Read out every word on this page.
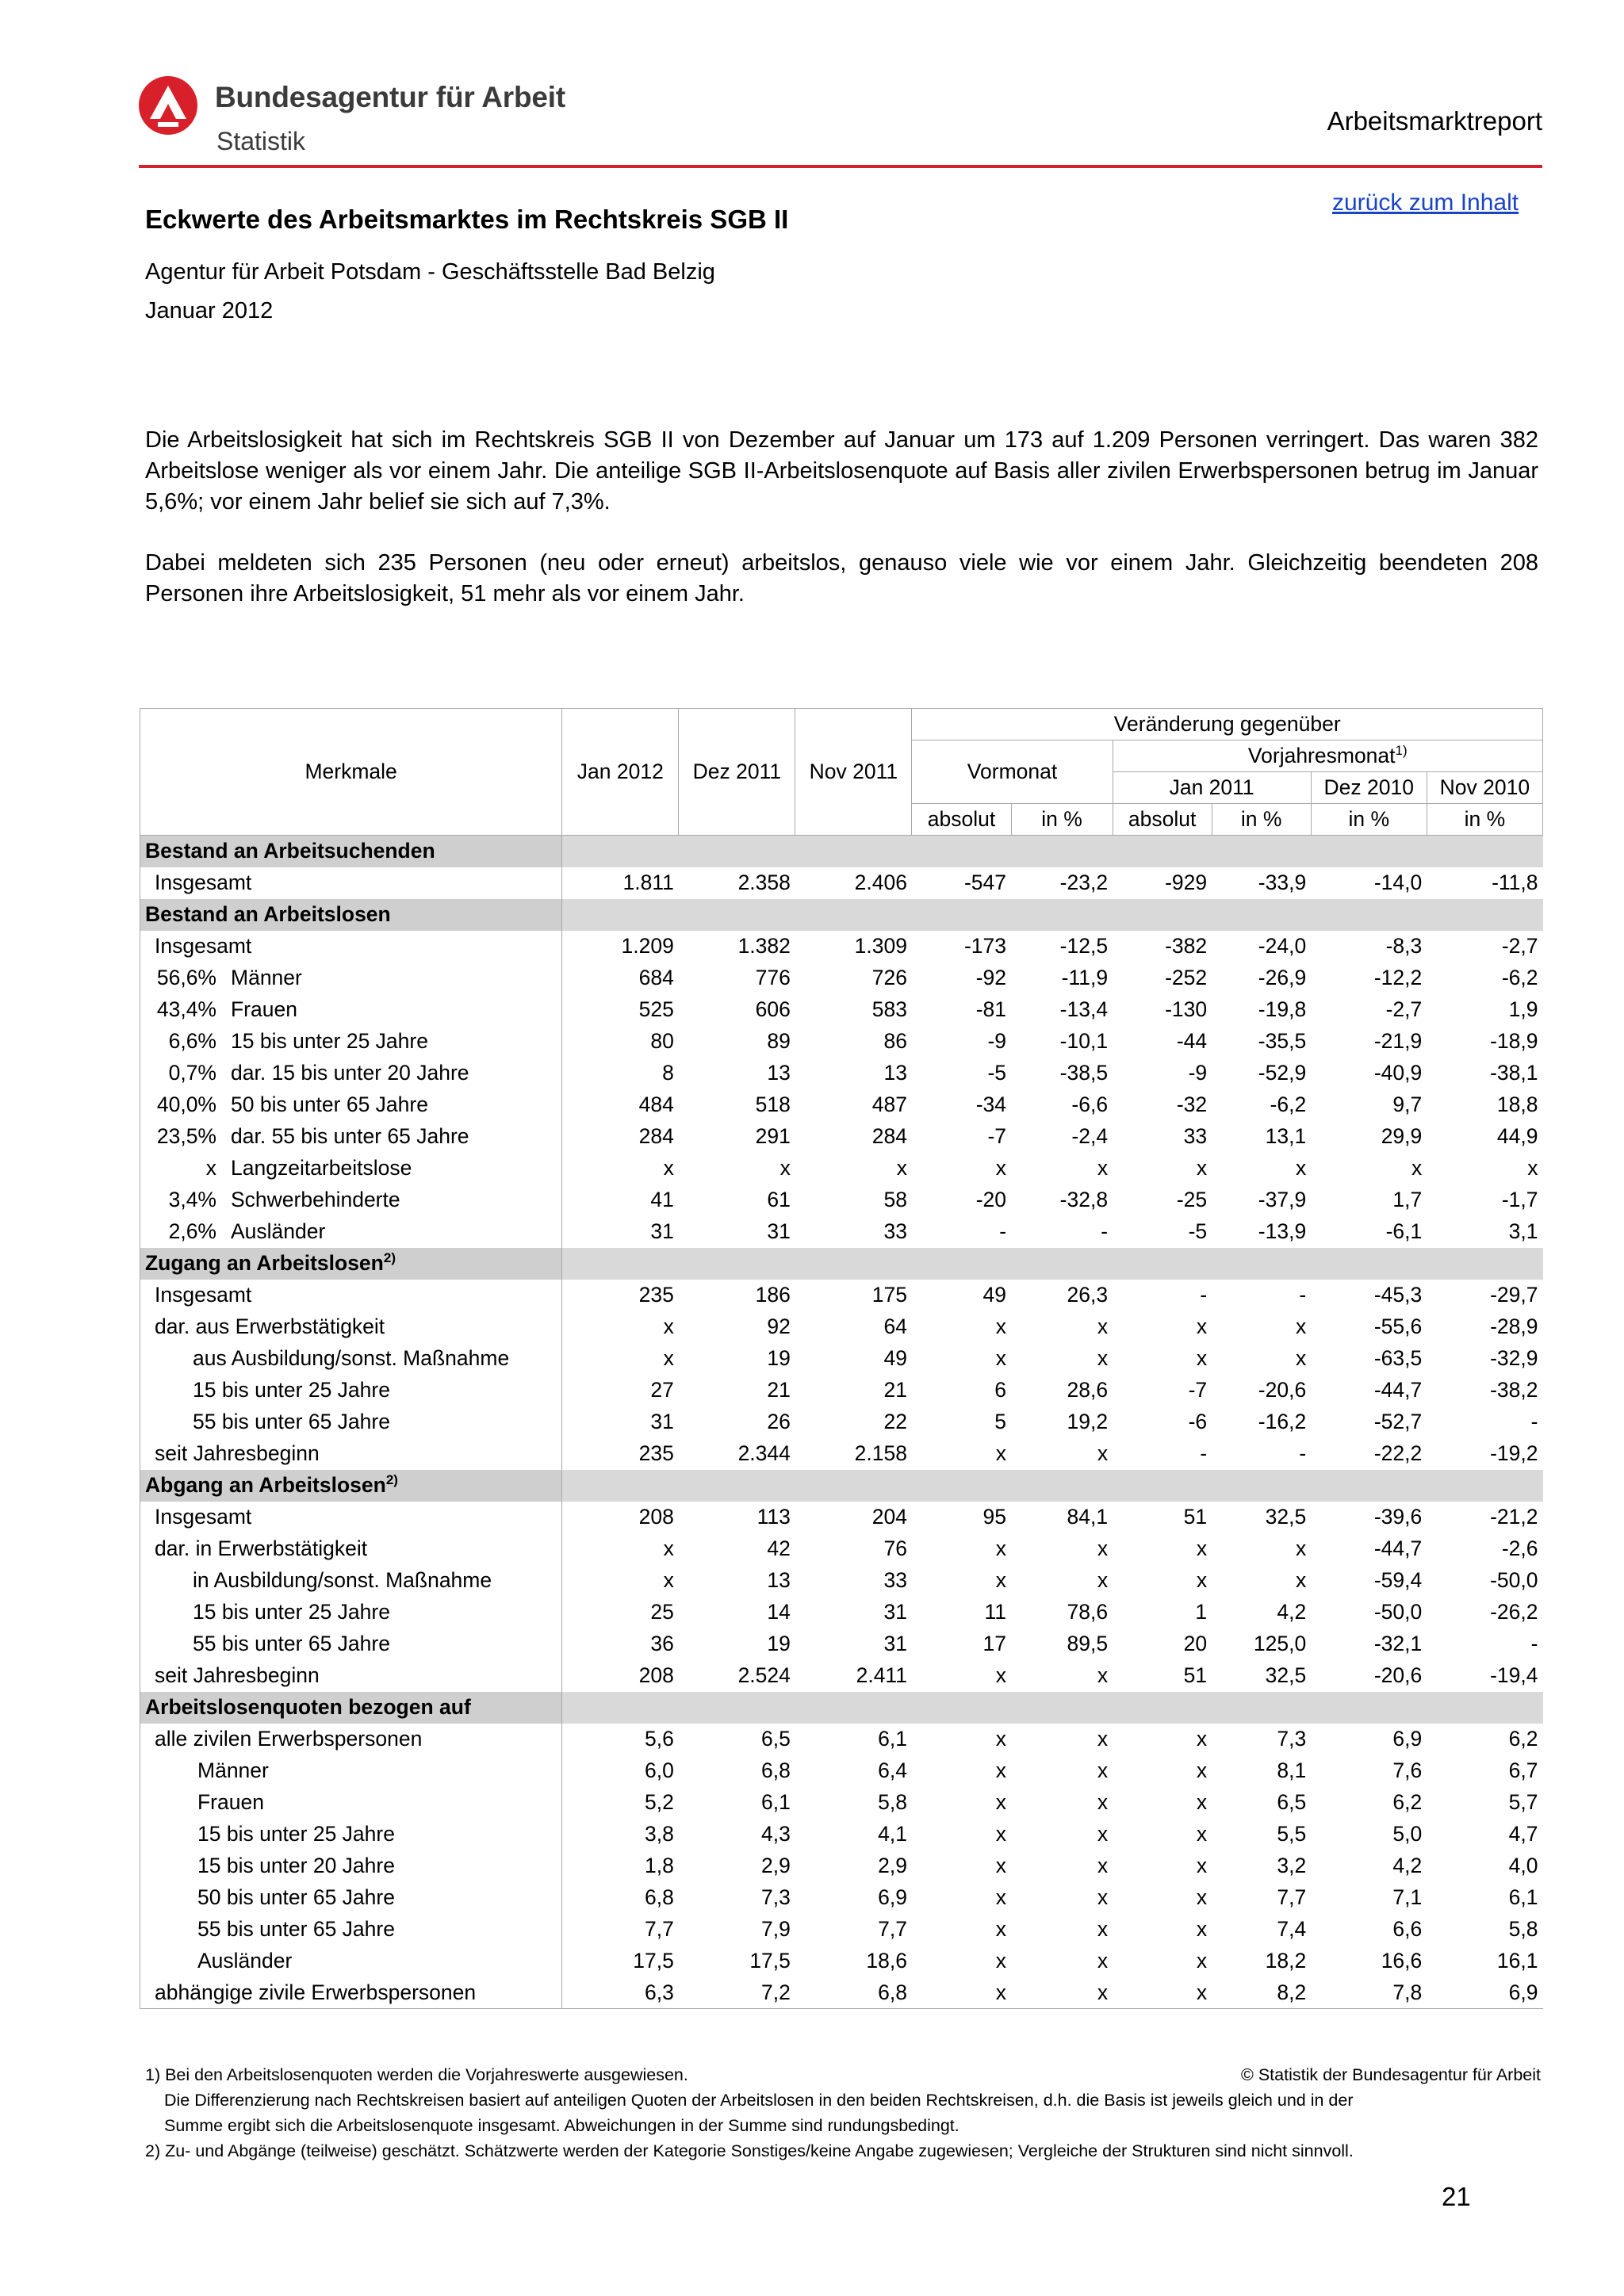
Bundesagentur für Arbeit
Statistik
Arbeitsmarktreport
zurück zum Inhalt
Eckwerte des Arbeitsmarktes im Rechtskreis SGB II
Agentur für Arbeit Potsdam - Geschäftsstelle Bad Belzig
Januar 2012

Die Arbeitslosigkeit hat sich im Rechtskreis SGB II von Dezember auf Januar um 173 auf 1.209 Personen verringert. Das waren 382 Arbeitslose weniger als vor einem Jahr. Die anteilige SGB II-Arbeitslosenquote auf Basis aller zivilen Erwerbspersonen betrug im Januar 5,6%; vor einem Jahr belief sie sich auf 7,3%.

Dabei meldeten sich 235 Personen (neu oder erneut) arbeitslos, genauso viele wie vor einem Jahr. Gleichzeitig beendeten 208 Personen ihre Arbeitslosigkeit, 51 mehr als vor einem Jahr.

Merkmale	Jan 2012	Dez 2011	Nov 2011	Veränderung gegenüber					
				Vormonat		Vorjahresmonat$^{1)}$
						Jan 2011		Dez 2010	Nov 2010
				absolut	in %	absolut	in %	in %	in %
Bestand an Arbeitsuchenden									
Insgesamt	1.811	2.358	2.406	-547	-23,2	-929	-33,9	-14,0	-11,8
Bestand an Arbeitslosen									
Insgesamt	1.209	1.382	1.309	-173	-12,5	-382	-24,0	-8,3	-2,7
56,6% Männer	684	776	726	-92	-11,9	-252	-26,9	-12,2	-6,2
43,4% Frauen	525	606	583	-81	-13,4	-130	-19,8	-2,7	1,9
6,6% 15 bis unter 25 Jahre	80	89	86	-9	-10,1	-44	-35,5	-21,9	-18,9
0,7% dar. 15 bis unter 20 Jahre	8	13	13	-5	-38,5	-9	-52,9	-40,9	-38,1
40,0% 50 bis unter 65 Jahre	484	518	487	-34	-6,6	-32	-6,2	9,7	18,8
23,5% dar. 55 bis unter 65 Jahre	284	291	284	-7	-2,4	33	13,1	29,9	44,9
x Langzeitarbeitslose	x	x	x	x	x	x	x	x	x
3,4% Schwerbehinderte	41	61	58	-20	-32,8	-25	-37,9	1,7	-1,7
2,6% Ausländer	31	31	33	-	-	-5	-13,9	-6,1	3,1
Zugang an Arbeitslosen$^{2)}$	
Insgesamt	235	186	175	49	26,3	-	-	-45,3	-29,7
dar. aus Erwerbstätigkeit	x	92	64	x	x	x	x	-55,6	-28,9
aus Ausbildung/sonst. Maßnahme	x	19	49	x	x	x	x	-63,5	-32,9
15 bis unter 25 Jahre	27	21	21	6	28,6	-7	-20,6	-44,7	-38,2
55 bis unter 65 Jahre	31	26	22	5	19,2	-6	-16,2	-52,7	-
seit Jahresbeginn	235	2.344	2.158	x	x	-	-	-22,2	-19,2
Abgang an Arbeitslosen$^{2)}$	
Insgesamt	208	113	204	95	84,1	51	32,5	-39,6	-21,2
dar. in Erwerbstätigkeit	x	42	76	x	x	x	x	-44,7	-2,6
in Ausbildung/sonst. Maßnahme	x	13	33	x	x	x	x	-59,4	-50,0
15 bis unter 25 Jahre	25	14	31	11	78,6	1	4,2	-50,0	-26,2
55 bis unter 65 Jahre	36	19	31	17	89,5	20	125,0	-32,1	-
seit Jahresbeginn	208	2.524	2.411	x	x	51	32,5	-20,6	-19,4
Arbeitslosenquoten bezogen auf									
alle zivilen Erwerbspersonen	5,6	6,5	6,1	x	x	x	7,3	6,9	6,2
Männer	6,0	6,8	6,4	x	x	x	8,1	7,6	6,7
Frauen	5,2	6,1	5,8	x	x	x	6,5	6,2	5,7
15 bis unter 25 Jahre	3,8	4,3	4,1	x	x	x	5,5	5,0	4,7
15 bis unter 20 Jahre	1,8	2,9	2,9	x	x	x	3,2	4,2	4,0
50 bis unter 65 Jahre	6,8	7,3	6,9	x	x	x	7,7	7,1	6,1
55 bis unter 65 Jahre	7,7	7,9	7,7	x	x	x	7,4	6,6	5,8
Ausländer	17,5	17,5	18,6	x	x	x	18,2	16,6	16,1
abhängige zivile Erwerbspersonen	6,3	7,2	6,8	x	x	x	8,2	7,8	6,9
1) Bei den Arbeitslosenquoten werden die Vorjahreswerte ausgewiesen.	© Statistik der Bundesagentur für Arbeit
Die Differenzierung nach Rechtskreisen basiert auf anteiligen Quoten der Arbeitslosen in den beiden Rechtskreisen, d.h. die Basis ist jeweils gleich und in der
Summe ergibt sich die Arbeitslosenquote insgesamt. Abweichungen in der Summe sind rundungsbedingt.
2) Zu- und Abgänge (teilweise) geschätzt. Schätzwerte werden der Kategorie Sonstiges/keine Angabe zugewiesen; Vergleiche der Strukturen sind nicht sinnvoll.
21
